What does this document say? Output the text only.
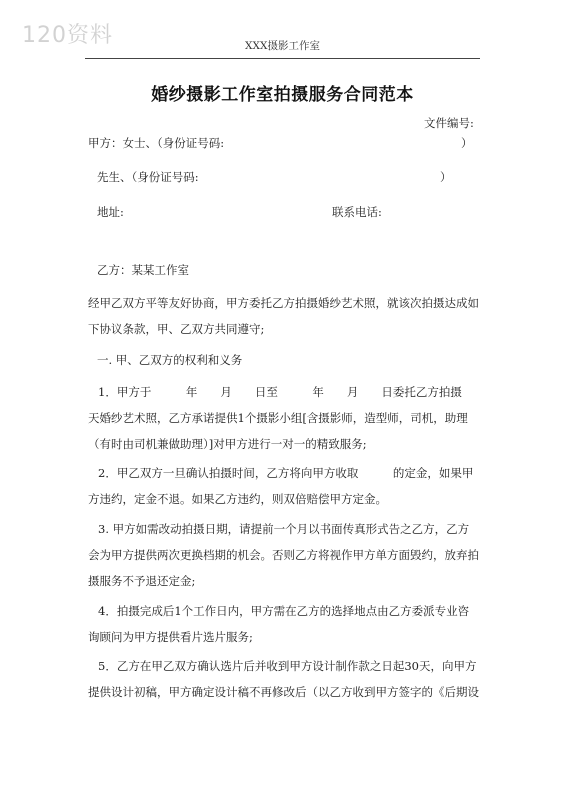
120资料	XXX摄影工作室
婚纱摄影工作室拍摄服务合同范本
文件编号:
甲方：女士、（身份证号码:	）
先生、（身份证号码:	）
地址:	联系电话:
乙方：某某工作室
经甲乙双方平等友好协商，甲方委托乙方拍摄婚纱艺术照，就该次拍摄达成如下协议条款，甲、乙双方共同遵守;
一. 甲、乙双方的权利和义务
1．甲方于　　　年　　月　　日至　　　年　　月　　日委托乙方拍摄　　天婚纱艺术照，乙方承诺提供1个摄影小组[含摄影师，造型师，司机，助理（有时由司机兼做助理）]对甲方进行一对一的精致服务;
2．甲乙双方一旦确认拍摄时间，乙方将向甲方收取　　　的定金，如果甲方违约，定金不退。如果乙方违约，则双倍赔偿甲方定金。
3. 甲方如需改动拍摄日期，请提前一个月以书面传真形式告之乙方，乙方会为甲方提供两次更换档期的机会。否则乙方将视作甲方单方面毁约，放弃拍摄服务不予退还定金;
4．拍摄完成后1个工作日内，甲方需在乙方的选择地点由乙方委派专业咨询顾问为甲方提供看片选片服务;
5．乙方在甲乙双方确认选片后并收到甲方设计制作款之日起30天，向甲方提供设计初稿，甲方确定设计稿不再修改后（以乙方收到甲方签字的《后期设
